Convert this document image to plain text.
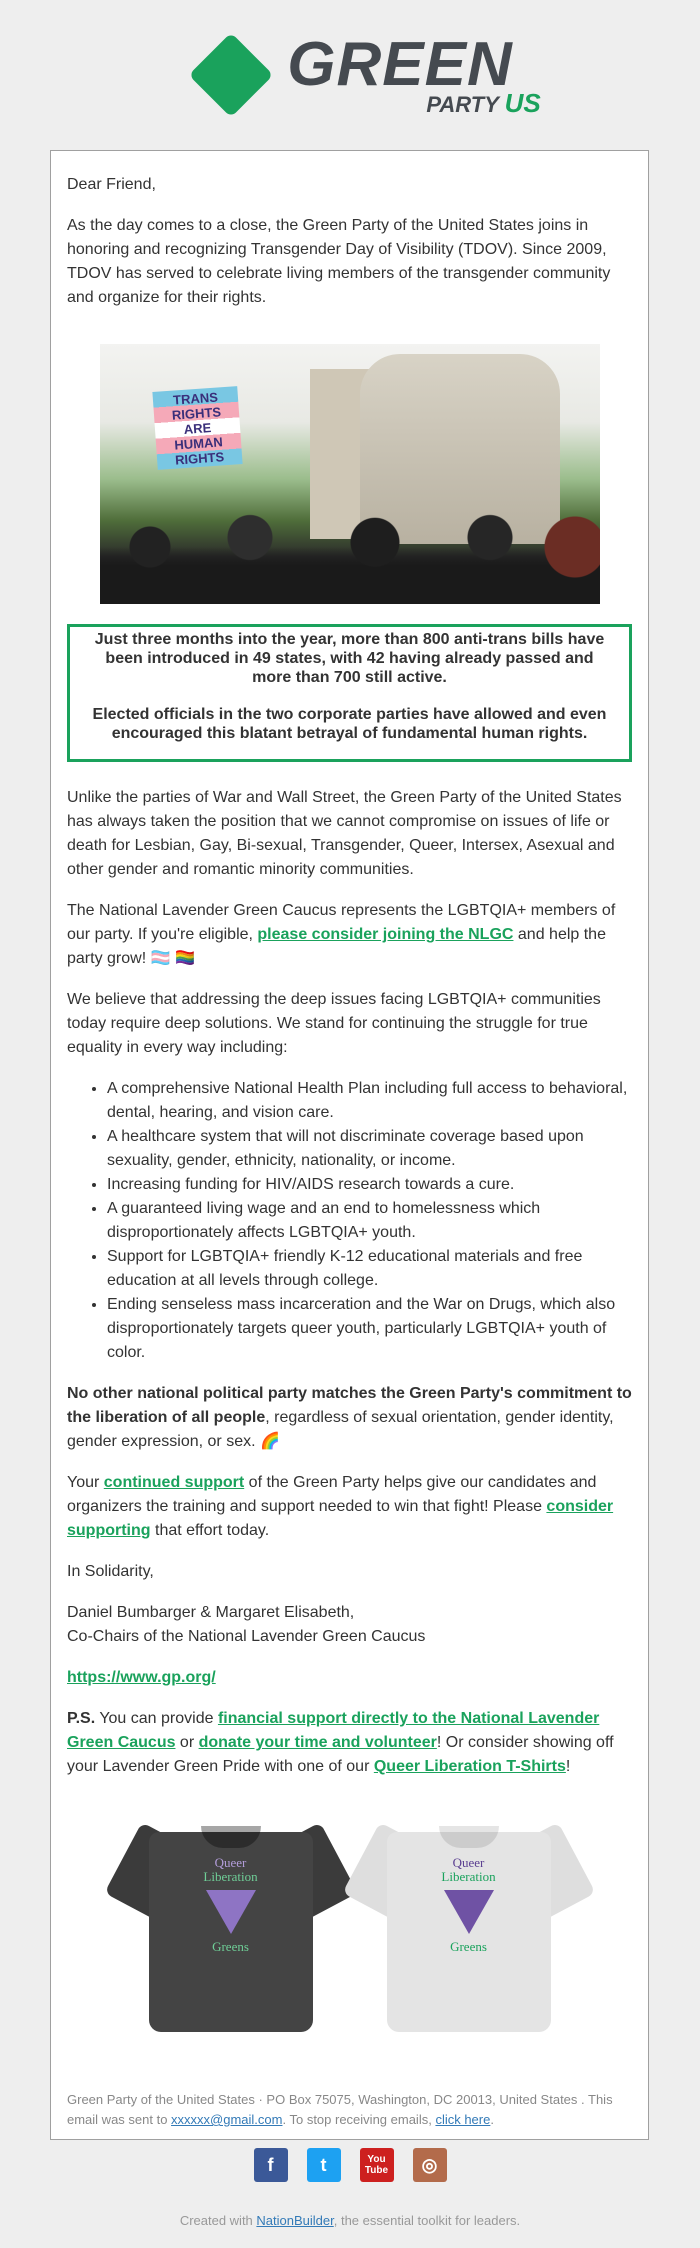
GREEN
PARTY US

Dear Friend,

As the day comes to a close, the Green Party of the United States joins in honoring and recognizing Transgender Day of Visibility (TDOV). Since 2009, TDOV has served to celebrate living members of the transgender community and organize for their rights.

TRANS
RIGHTS
ARE
HUMAN
RIGHTS

Just three months into the year, more than 800 anti-trans bills have been introduced in 49 states, with 42 having already passed and more than 700 still active.

Elected officials in the two corporate parties have allowed and even encouraged this blatant betrayal of fundamental human rights.

Unlike the parties of War and Wall Street, the Green Party of the United States has always taken the position that we cannot compromise on issues of life or death for Lesbian, Gay, Bi-sexual, Transgender, Queer, Intersex, Asexual and other gender and romantic minority communities.

The National Lavender Green Caucus represents the LGBTQIA+ members of our party. If you're eligible, please consider joining the NLGC and help the party grow! 🏳️‍⚧️ 🏳️‍🌈

We believe that addressing the deep issues facing LGBTQIA+ communities today require deep solutions. We stand for continuing the struggle for true equality in every way including:

• A comprehensive National Health Plan including full access to behavioral, dental, hearing, and vision care.
• A healthcare system that will not discriminate coverage based upon sexuality, gender, ethnicity, nationality, or income.
• Increasing funding for HIV/AIDS research towards a cure.
• A guaranteed living wage and an end to homelessness which disproportionately affects LGBTQIA+ youth.
• Support for LGBTQIA+ friendly K-12 educational materials and free education at all levels through college.
• Ending senseless mass incarceration and the War on Drugs, which also disproportionately targets queer youth, particularly LGBTQIA+ youth of color.

No other national political party matches the Green Party's commitment to the liberation of all people, regardless of sexual orientation, gender identity, gender expression, or sex. 🌈

Your continued support of the Green Party helps give our candidates and organizers the training and support needed to win that fight! Please consider supporting that effort today.

In Solidarity,

Daniel Bumbarger & Margaret Elisabeth,
Co-Chairs of the National Lavender Green Caucus

https://www.gp.org/

P.S. You can provide financial support directly to the National Lavender Green Caucus or donate your time and volunteer! Or consider showing off your Lavender Green Pride with one of our Queer Liberation T-Shirts!

Queer
Liberation
Greens
Queer
Liberation
Greens
Green Party of the United States · PO Box 75075, Washington, DC 20013, United States . This email was sent to xxxxxx@gmail.com. To stop receiving emails, click here.
f	t	You
Tube ◎
Created with NationBuilder, the essential toolkit for leaders.
